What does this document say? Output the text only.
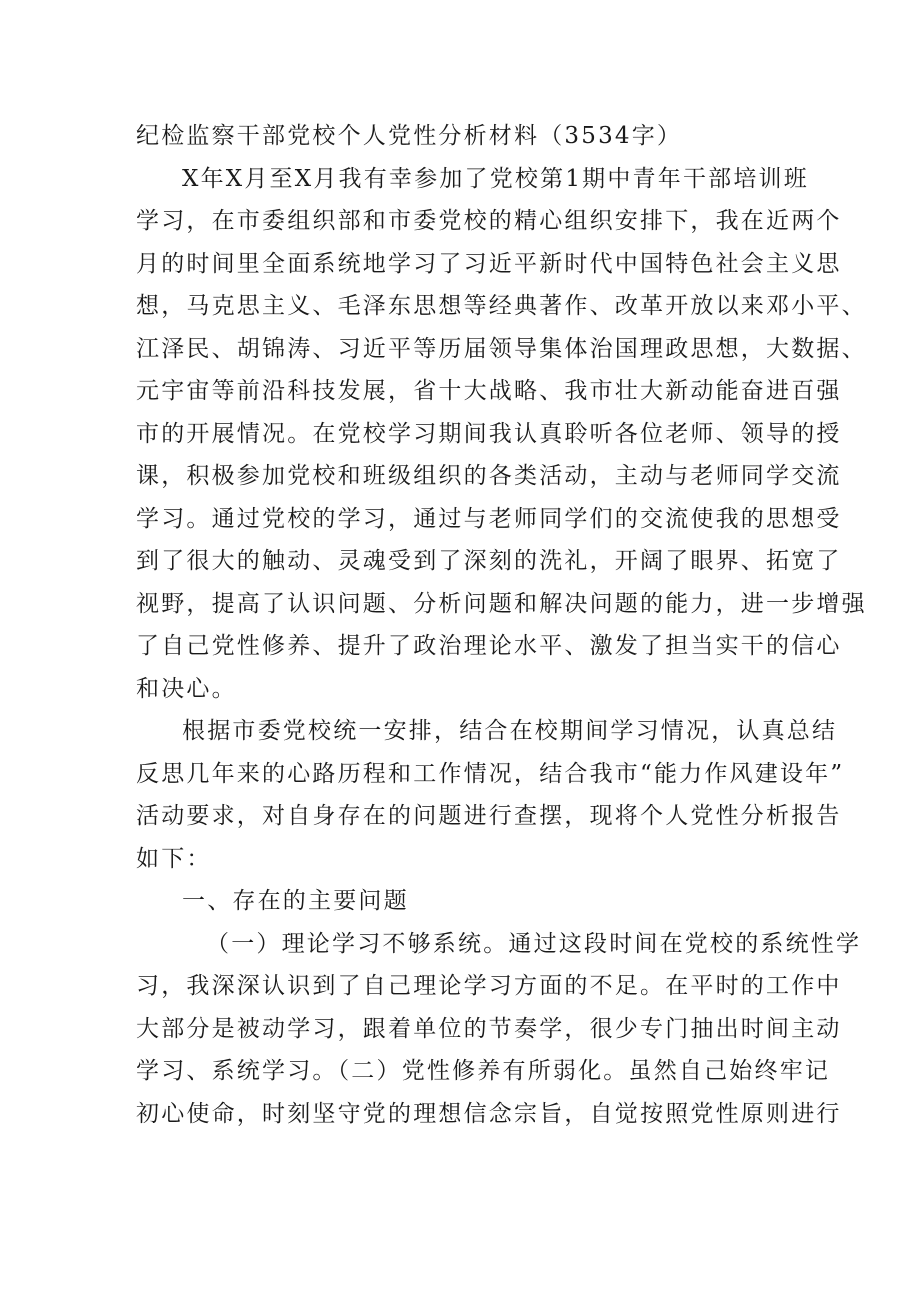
纪检监察干部党校个人党性分析材料（3534字）
X年X月至X月我有幸参加了党校第1期中青年干部培训班
学习，在市委组织部和市委党校的精心组织安排下，我在近两个
月的时间里全面系统地学习了习近平新时代中国特色社会主义思
想，马克思主义、毛泽东思想等经典著作、改革开放以来邓小平、
江泽民、胡锦涛、习近平等历届领导集体治国理政思想，大数据、
元宇宙等前沿科技发展，省十大战略、我市壮大新动能奋进百强
市的开展情况。在党校学习期间我认真聆听各位老师、领导的授
课，积极参加党校和班级组织的各类活动，主动与老师同学交流
学习。通过党校的学习，通过与老师同学们的交流使我的思想受
到了很大的触动、灵魂受到了深刻的洗礼，开阔了眼界、拓宽了
视野，提高了认识问题、分析问题和解决问题的能力，进一步增强
了自己党性修养、提升了政治理论水平、激发了担当实干的信心
和决心。
根据市委党校统一安排，结合在校期间学习情况，认真总结
反思几年来的心路历程和工作情况，结合我市“能力作风建设年”
活动要求，对自身存在的问题进行查摆，现将个人党性分析报告
如下：
一、存在的主要问题
（一）理论学习不够系统。通过这段时间在党校的系统性学
习，我深深认识到了自己理论学习方面的不足。在平时的工作中
大部分是被动学习，跟着单位的节奏学，很少专门抽出时间主动
学习、系统学习。（二）党性修养有所弱化。虽然自己始终牢记
初心使命，时刻坚守党的理想信念宗旨，自觉按照党性原则进行
